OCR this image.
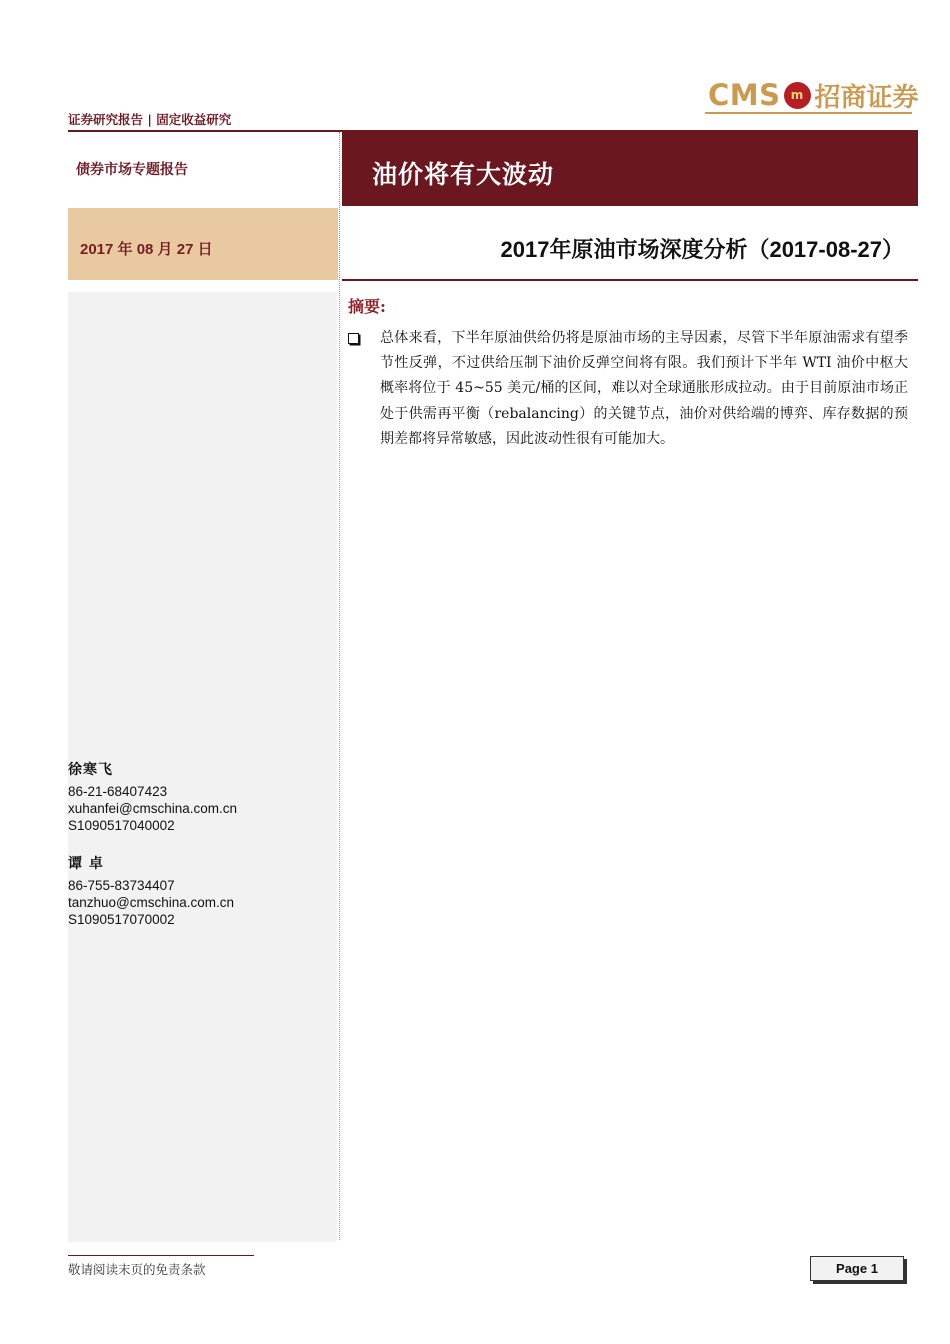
CMS m 招商证券
证券研究报告 | 固定收益研究
债券市场专题报告
2017 年 08 月 27 日
油价将有大波动
2017年原油市场深度分析（2017-08-27）
摘要:
总体来看，下半年原油供给仍将是原油市场的主导因素，尽管下半年原油需求有望季节性反弹，不过供给压制下油价反弹空间将有限。我们预计下半年 WTI 油价中枢大概率将位于 45~55 美元/桶的区间，难以对全球通胀形成拉动。由于目前原油市场正处于供需再平衡（rebalancing）的关键节点，油价对供给端的博弈、库存数据的预期差都将异常敏感，因此波动性很有可能加大。
徐寒飞
86-21-68407423
xuhanfei@cmschina.com.cn
S1090517040002
谭 卓
86-755-83734407
tanzhuo@cmschina.com.cn
S1090517070002
敬请阅读末页的免责条款	Page 1
